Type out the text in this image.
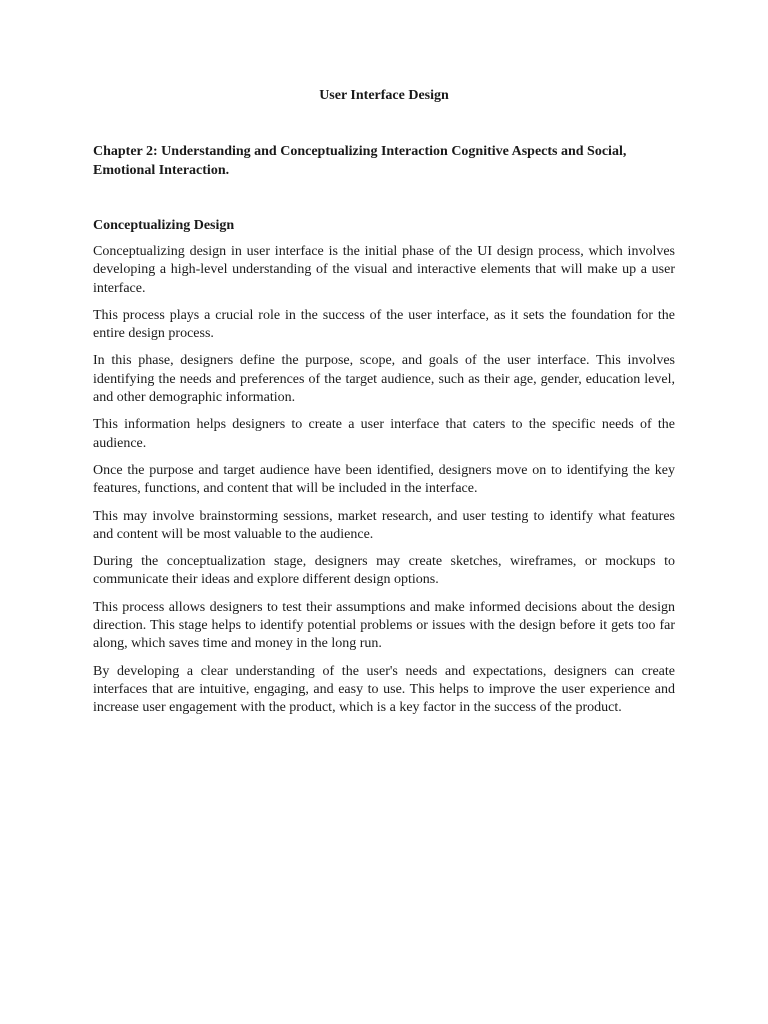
User Interface Design
Chapter 2: Understanding and Conceptualizing Interaction Cognitive Aspects and Social, Emotional Interaction.
Conceptualizing Design

Conceptualizing design in user interface is the initial phase of the UI design process, which involves developing a high-level understanding of the visual and interactive elements that will make up a user interface.

This process plays a crucial role in the success of the user interface, as it sets the foundation for the entire design process.

In this phase, designers define the purpose, scope, and goals of the user interface. This involves identifying the needs and preferences of the target audience, such as their age, gender, education level, and other demographic information.

This information helps designers to create a user interface that caters to the specific needs of the audience.

Once the purpose and target audience have been identified, designers move on to identifying the key features, functions, and content that will be included in the interface.

This may involve brainstorming sessions, market research, and user testing to identify what features and content will be most valuable to the audience.

During the conceptualization stage, designers may create sketches, wireframes, or mockups to communicate their ideas and explore different design options.

This process allows designers to test their assumptions and make informed decisions about the design direction. This stage helps to identify potential problems or issues with the design before it gets too far along, which saves time and money in the long run.

By developing a clear understanding of the user's needs and expectations, designers can create interfaces that are intuitive, engaging, and easy to use. This helps to improve the user experience and increase user engagement with the product, which is a key factor in the success of the product.
